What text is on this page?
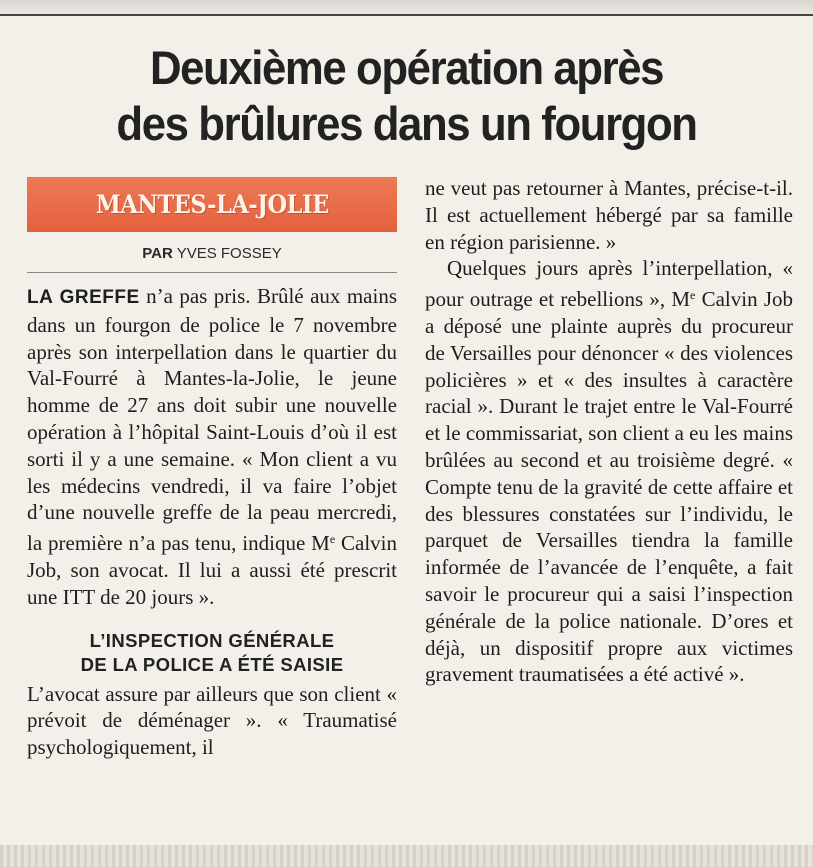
Deuxième opération après
des brûlures dans un fourgon
MANTES-LA-JOLIE
PAR YVES FOSSEY

LA GREFFE n’a pas pris. Brûlé aux mains dans un fourgon de police le 7 novembre après son interpellation dans le quartier du Val-Fourré à Mantes-la-Jolie, le jeune homme de 27 ans doit subir une nouvelle opération à l’hôpital Saint-Louis d’où il est sorti il y a une semaine. « Mon client a vu les médecins vendredi, il va faire l’objet d’une nouvelle greffe de la peau mercredi, la première n’a pas tenu, indique Me Calvin Job, son avocat. Il lui a aussi été prescrit une ITT de 20 jours ».

L’INSPECTION GÉNÉRALE
DE LA POLICE A ÉTÉ SAISIE

L’avocat assure par ailleurs que son client « prévoit de déménager ». « Traumatisé psychologiquement, il

ne veut pas retourner à Mantes, précise-t-il. Il est actuellement hébergé par sa famille en région parisienne. »

Quelques jours après l’interpellation, « pour outrage et rebellions », Me Calvin Job a déposé une plainte auprès du procureur de Versailles pour dénoncer « des violences policières » et « des insultes à caractère racial ». Durant le trajet entre le Val-Fourré et le commissariat, son client a eu les mains brûlées au second et au troisième degré. « Compte tenu de la gravité de cette affaire et des blessures constatées sur l’individu, le parquet de Versailles tiendra la famille informée de l’avancée de l’enquête, a fait savoir le procureur qui a saisi l’inspection générale de la police nationale. D’ores et déjà, un dispositif propre aux victimes gravement traumatisées a été activé ».
